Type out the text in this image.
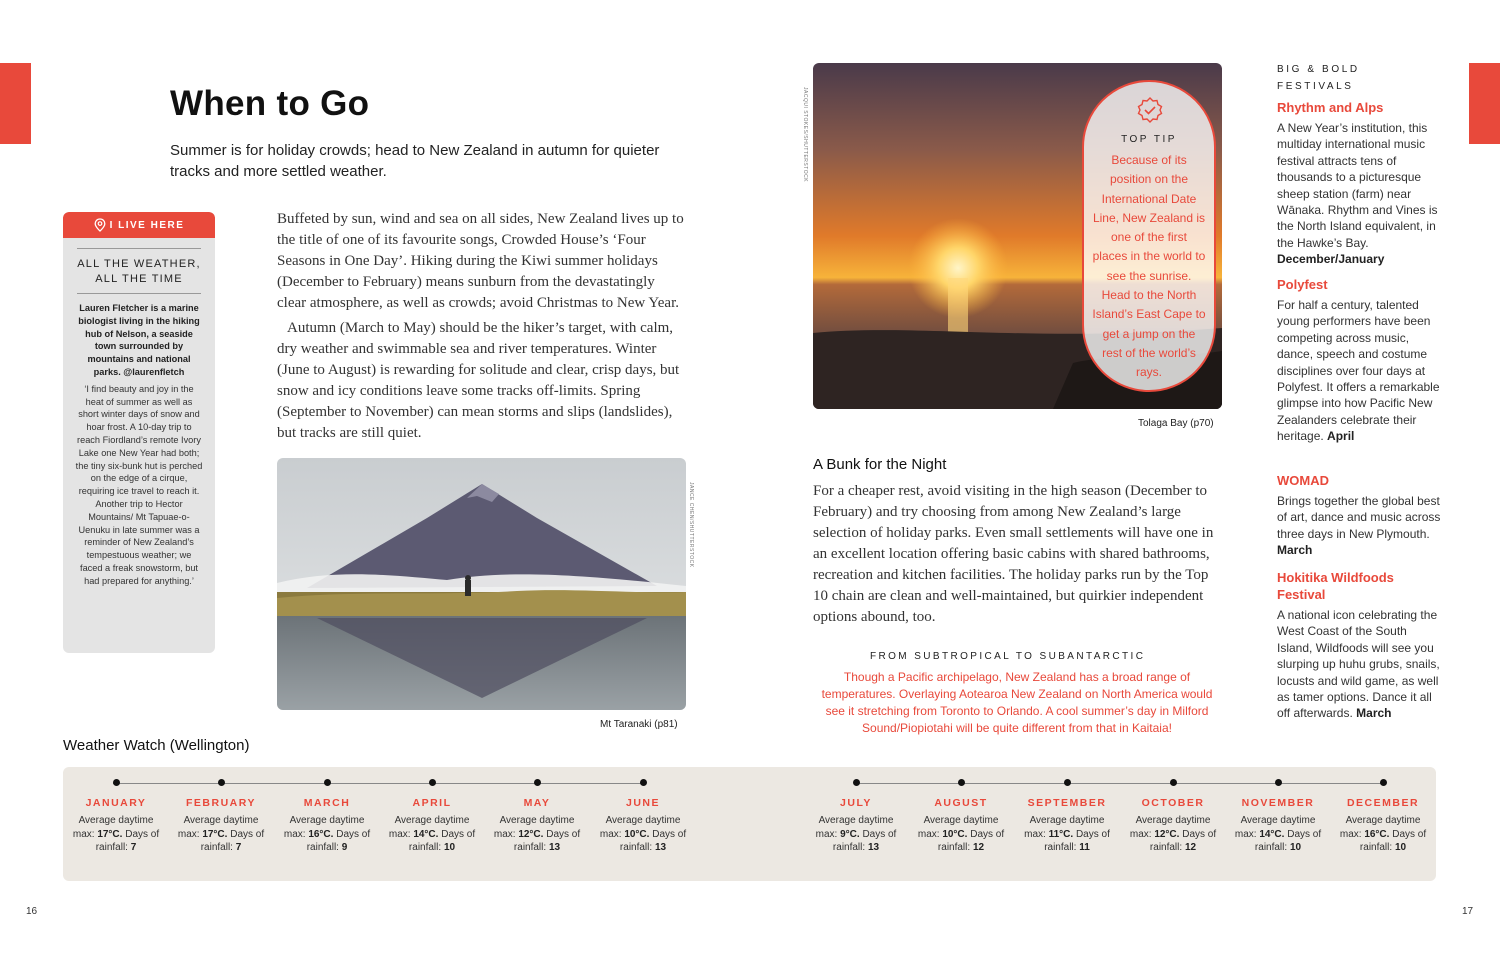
16	17
When to Go

Summer is for holiday crowds; head to New Zealand in autumn for quieter tracks and more settled weather.

I LIVE HERE
ALL THE WEATHER, ALL THE TIME
Lauren Fletcher is a marine biologist living in the hiking hub of Nelson, a seaside town surrounded by mountains and national parks. @laurenfletch
‘I find beauty and joy in the heat of summer as well as short winter days of snow and hoar frost. A 10-day trip to reach Fiordland’s remote Ivory Lake one New Year had both; the tiny six-bunk hut is perched on the edge of a cirque, requiring ice travel to reach it. Another trip to Hector Mountains/ Mt Tapuae-o-Uenuku in late summer was a reminder of New Zealand’s tempestuous weather; we faced a freak snowstorm, but had prepared for anything.’

Buffeted by sun, wind and sea on all sides, New Zealand lives up to the title of one of its favourite songs, Crowded House’s ‘Four Seasons in One Day’. Hiking during the Kiwi summer holidays (December to February) means sunburn from the devastatingly clear atmosphere, as well as crowds; avoid Christmas to New Year.

Autumn (March to May) should be the hiker’s target, with calm, dry weather and swimmable sea and river temperatures. Winter (June to August) is rewarding for solitude and clear, crisp days, but snow and icy conditions leave some tracks off-limits. Spring (September to November) can mean storms and slips (landslides), but tracks are still quiet.

JANCE CHEN/SHUTTERSTOCK
Mt Taranaki (p81)
JACQUI STOKES/SHUTTERSTOCK
Tolaga Bay (p70)
TOP TIP
Because of its position on the International Date Line, New Zealand is one of the first places in the world to see the sunrise. Head to the North Island’s East Cape to get a jump on the rest of the world’s rays.
A Bunk for the Night

For a cheaper rest, avoid visiting in the high season (December to February) and try choosing from among New Zealand’s large selection of holiday parks. Even small settlements will have one in an excellent location offering basic cabins with shared bathrooms, recreation and kitchen facilities. The holiday parks run by the Top 10 chain are clean and well-maintained, but quirkier independent options abound, too.

FROM SUBTROPICAL TO SUBANTARCTIC
Though a Pacific archipelago, New Zealand has a broad range of temperatures. Overlaying Aotearoa New Zealand on North America would see it stretching from Toronto to Orlando. A cool summer’s day in Milford Sound/Piopiotahi will be quite different from that in Kaitaia!
BIG & BOLD FESTIVALS
Rhythm and Alps

A New Year’s institution, this multiday international music festival attracts tens of thousands to a picturesque sheep station (farm) near Wānaka. Rhythm and Vines is the North Island equivalent, in the Hawke’s Bay. December/January

Polyfest

For half a century, talented young performers have been competing across music, dance, speech and costume disciplines over four days at Polyfest. It offers a remarkable glimpse into how Pacific New Zealanders celebrate their heritage. April

WOMAD

Brings together the global best of art, dance and music across three days in New Plymouth. March

Hokitika Wildfoods Festival

A national icon celebrating the West Coast of the South Island, Wildfoods will see you slurping up huhu grubs, snails, locusts and wild game, as well as tamer options. Dance it all off afterwards. March

Weather Watch (Wellington)
JANUARY
Average daytime
max: 17°C. Days of
rainfall: 7
FEBRUARY
Average daytime
max: 17°C. Days of
rainfall: 7
MARCH
Average daytime
max: 16°C. Days of
rainfall: 9
APRIL
Average daytime
max: 14°C. Days of
rainfall: 10
MAY
Average daytime
max: 12°C. Days of
rainfall: 13
JUNE
Average daytime
max: 10°C. Days of
rainfall: 13
JULY
Average daytime
max: 9°C. Days of
rainfall: 13
AUGUST
Average daytime
max: 10°C. Days of
rainfall: 12
SEPTEMBER
Average daytime
max: 11°C. Days of
rainfall: 11
OCTOBER
Average daytime
max: 12°C. Days of
rainfall: 12
NOVEMBER
Average daytime
max: 14°C. Days of
rainfall: 10
DECEMBER
Average daytime
max: 16°C. Days of
rainfall: 10
